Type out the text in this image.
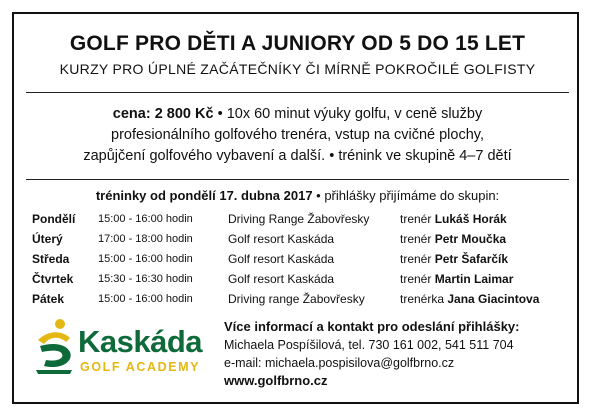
GOLF PRO DĚTI A JUNIORY OD 5 DO 15 LET
KURZY PRO ÚPLNÉ ZAČÁTEČNÍKY ČI MÍRNĚ POKROČILÉ GOLFISTY
cena: 2 800 Kč • 10x 60 minut výuky golfu, v ceně služby
profesionálního golfového trenéra, vstup na cvičné plochy,
zapůjčení golfového vybavení a další. • trénink ve skupině 4–7 dětí
tréninky od pondělí 17. dubna 2017 • přihlášky přijímáme do skupin:
Pondělí 15:00 - 16:00 hodin	Driving Range Žabovřesky	trenér Lukáš Horák
Úterý	17:00 - 18:00 hodin	Golf resort Kaskáda	trenér Petr Moučka
Středa	15:00 - 16:00 hodin	Golf resort Kaskáda	trenér Petr Šafarčík
Čtvrtek 15:30 - 16:30 hodin	Golf resort Kaskáda	trenér Martin Laimar
Pátek	15:00 - 16:00 hodin	Driving range Žabovřesky	trenérka Jana Giacintova
Kaskáda
GOLF ACADEMY
Více informací a kontakt pro odeslání přihlášky:
Michaela Pospíšilová, tel. 730 161 002, 541 511 704
e-mail: michaela.pospisilova@golfbrno.cz
www.golfbrno.cz
